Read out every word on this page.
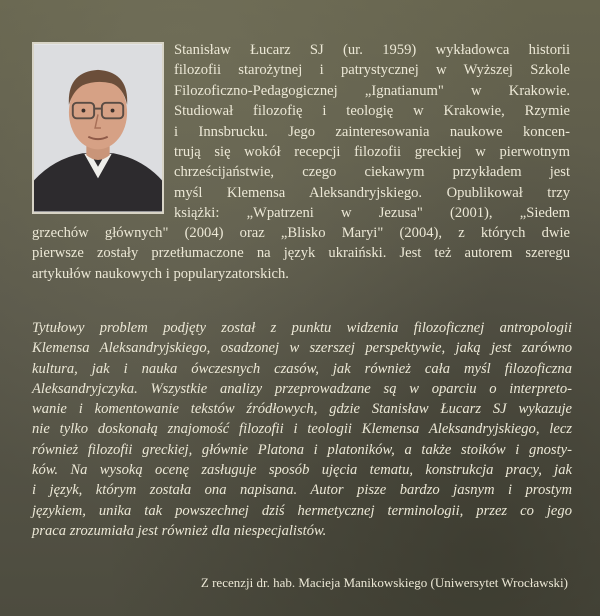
Stanisław Łucarz SJ (ur. 1959) wykładowca historii
filozofii starożytnej i patrystycznej w Wyższej Szkole
Filozoficzno-Pedagogicznej „Ignatianum" w Krakowie.
Studiował filozofię i teologię w Krakowie, Rzymie
i Innsbrucku. Jego zainteresowania naukowe koncen-
trują się wokół recepcji filozofii greckiej w pierwotnym
chrześcijaństwie, czego ciekawym przykładem jest
myśl Klemensa Aleksandryjskiego. Opublikował trzy
książki: „Wpatrzeni w Jezusa" (2001), „Siedem
grzechów głównych" (2004) oraz „Blisko Maryi" (2004), z których dwie
pierwsze zostały przetłumaczone na język ukraiński. Jest też autorem szeregu
artykułów naukowych i popularyzatorskich.
Tytułowy problem podjęty został z punktu widzenia filozoficznej antropologii
Klemensa Aleksandryjskiego, osadzonej w szerszej perspektywie, jaką jest zarówno
kultura, jak i nauka ówczesnych czasów, jak również cała myśl filozoficzna
Aleksandryjczyka. Wszystkie analizy przeprowadzane są w oparciu o interpreto-
wanie i komentowanie tekstów źródłowych, gdzie Stanisław Łucarz SJ wykazuje
nie tylko doskonałą znajomość filozofii i teologii Klemensa Aleksandryjskiego, lecz
również filozofii greckiej, głównie Platona i platoników, a także stoików i gnosty-
ków. Na wysoką ocenę zasługuje sposób ujęcia tematu, konstrukcja pracy, jak
i język, którym została ona napisana. Autor pisze bardzo jasnym i prostym
językiem, unika tak powszechnej dziś hermetycznej terminologii, przez co jego
praca zrozumiała jest również dla niespecjalistów.

Z recenzji dr. hab. Macieja Manikowskiego (Uniwersytet Wrocławski)
